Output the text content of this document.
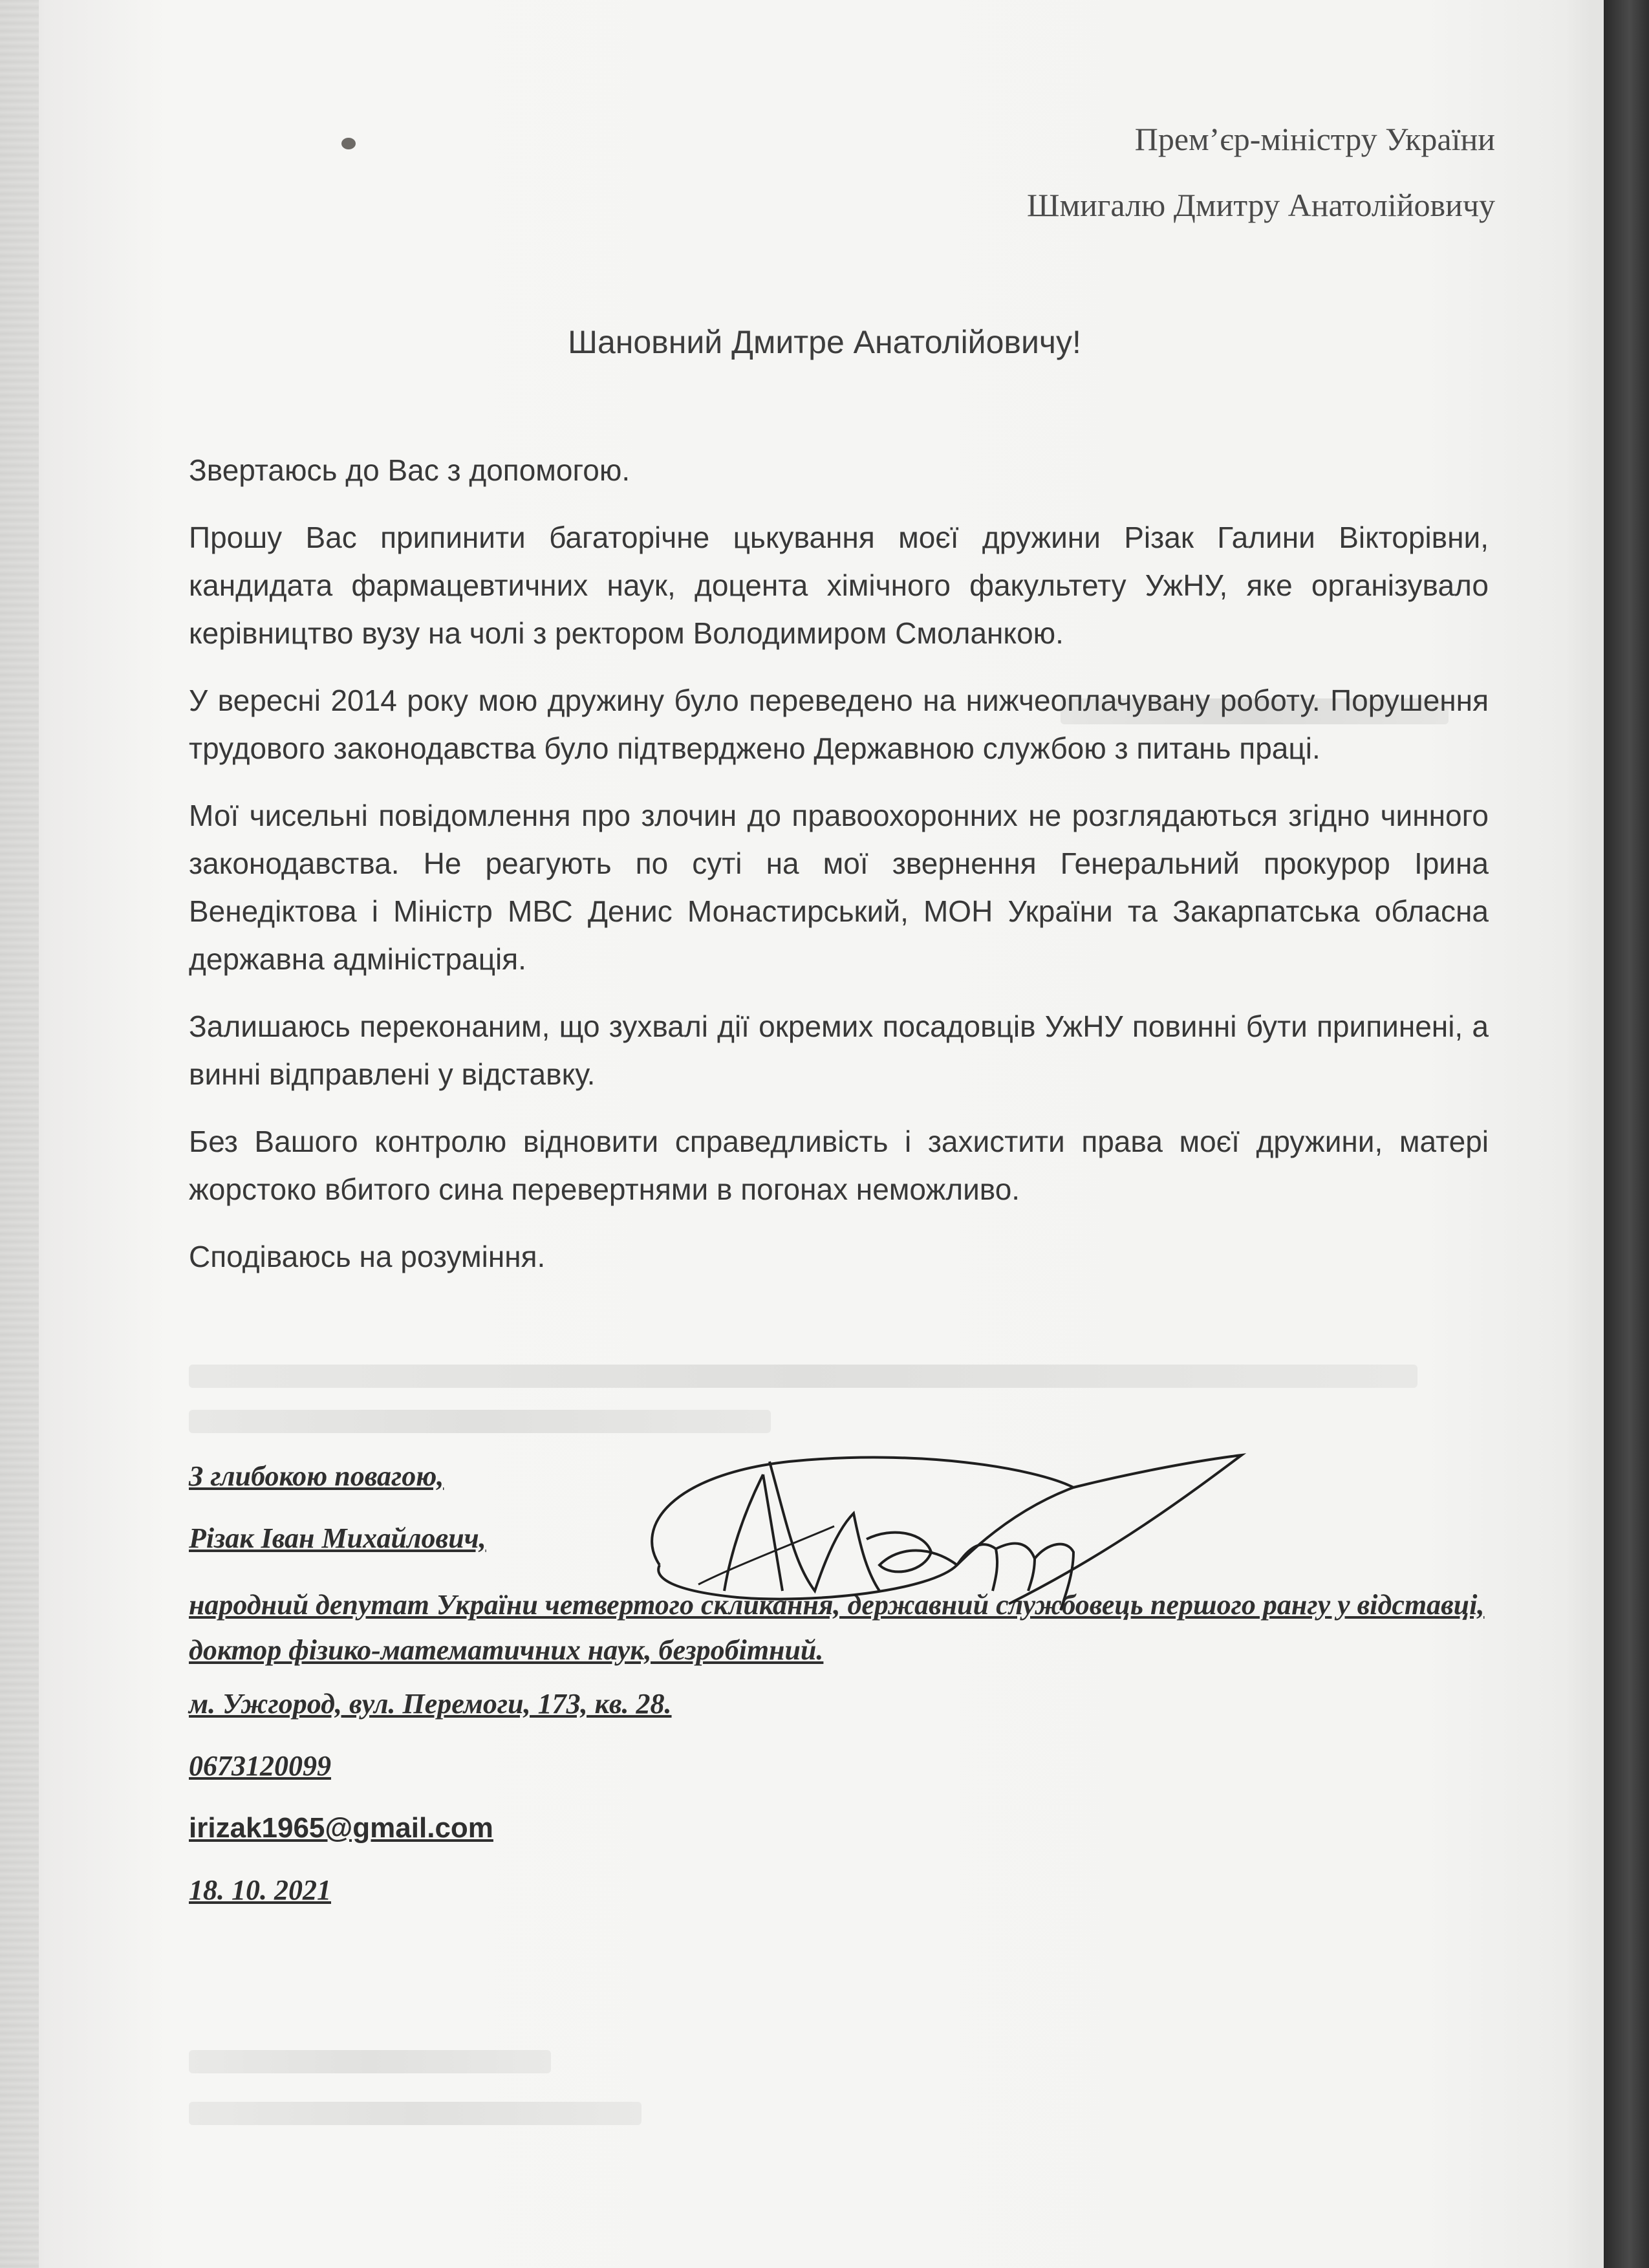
Прем’єр-міністру України
Шмигалю Дмитру Анатолійовичу
Шановний Дмитре Анатолійовичу!

Звертаюсь до Вас з допомогою.

Прошу Вас припинити багаторічне цькування моєї дружини Різак Галини Вікторівни, кандидата фармацевтичних наук, доцента хімічного факультету УжНУ, яке організувало керівництво вузу на чолі з ректором Володимиром Смоланкою.

У вересні 2014 року мою дружину було переведено на нижчеоплачувану роботу. Порушення трудового законодавства було підтверджено Державною службою з питань праці.

Мої чисельні повідомлення про злочин до правоохоронних не розглядаються згідно чинного законодавства. Не реагують по суті на мої звернення Генеральний прокурор Ірина Венедіктова і Міністр МВС Денис Монастирський, МОН України та Закарпатська обласна державна адміністрація.

Залишаюсь переконаним, що зухвалі дії окремих посадовців УжНУ повинні бути припинені, а винні відправлені у відставку.

Без Вашого контролю відновити справедливість і захистити права моєї дружини, матері жорстоко вбитого сина перевертнями в погонах неможливо.

Сподіваюсь на розуміння.

З глибокою повагою,
Різак Іван Михайлович,
народний депутат України четвертого скликання, державний службовець першого рангу у відставці, доктор фізико-математичних наук, безробітний.
м. Ужгород, вул. Перемоги, 173, кв. 28.
0673120099
irizak1965@gmail.com
18. 10. 2021
